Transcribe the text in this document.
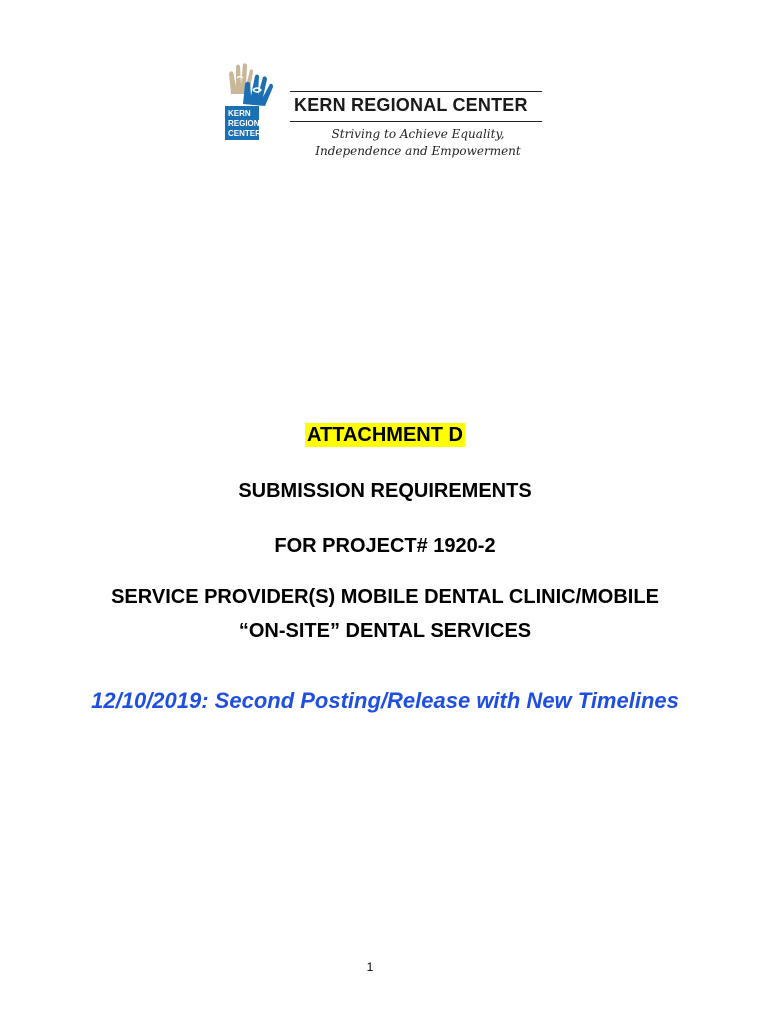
KERN
REGIONAL
CENTER
KERN REGIONAL CENTER
Striving to Achieve Equality,
Independence and Empowerment
ATTACHMENT D
SUBMISSION REQUIREMENTS
FOR PROJECT# 1920-2
SERVICE PROVIDER(S) MOBILE DENTAL CLINIC/MOBILE
“ON-SITE” DENTAL SERVICES
12/10/2019: Second Posting/Release with New Timelines
1
